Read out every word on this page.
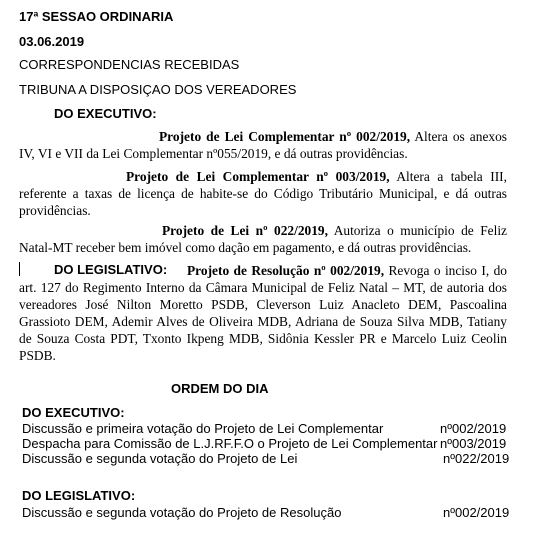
17ª SESSAO ORDINARIA
03.06.2019
CORRESPONDENCIAS RECEBIDAS
TRIBUNA A DISPOSIÇAO DOS VEREADORES
DO EXECUTIVO:
Projeto de Lei Complementar nº 002/2019, Altera os anexos IV, VI e VII da Lei Complementar nº055/2019, e dá outras providências.
Projeto de Lei Complementar nº 003/2019, Altera a tabela III, referente a taxas de licença de habite-se do Código Tributário Municipal, e dá outras providências.
Projeto de Lei nº 022/2019, Autoriza o município de Feliz Natal-MT receber bem imóvel como dação em pagamento, e dá outras providências.
DO LEGISLATIVO:	Projeto de Resolução nº 002/2019, Revoga o inciso I, do art. 127 do Regimento Interno da Câmara Municipal de Feliz Natal – MT, de autoria dos vereadores José Nilton Moretto PSDB, Cleverson Luiz Anacleto DEM, Pascoalina Grassioto DEM, Ademir Alves de Oliveira MDB, Adriana de Souza Silva MDB, Tatiany de Souza Costa PDT, Txonto Ikpeng MDB, Sidônia Kessler PR e Marcelo Luiz Ceolin PSDB.
ORDEM DO DIA
DO EXECUTIVO:
Discussão e primeira votação do Projeto de Lei Complementar	nº002/2019
Despacha para Comissão de L.J.RF.F.O o Projeto de Lei Complementar nº003/2019
Discussão e segunda votação do Projeto de Lei	nº022/2019
DO LEGISLATIVO:
Discussão e segunda votação do Projeto de Resolução	nº002/2019
